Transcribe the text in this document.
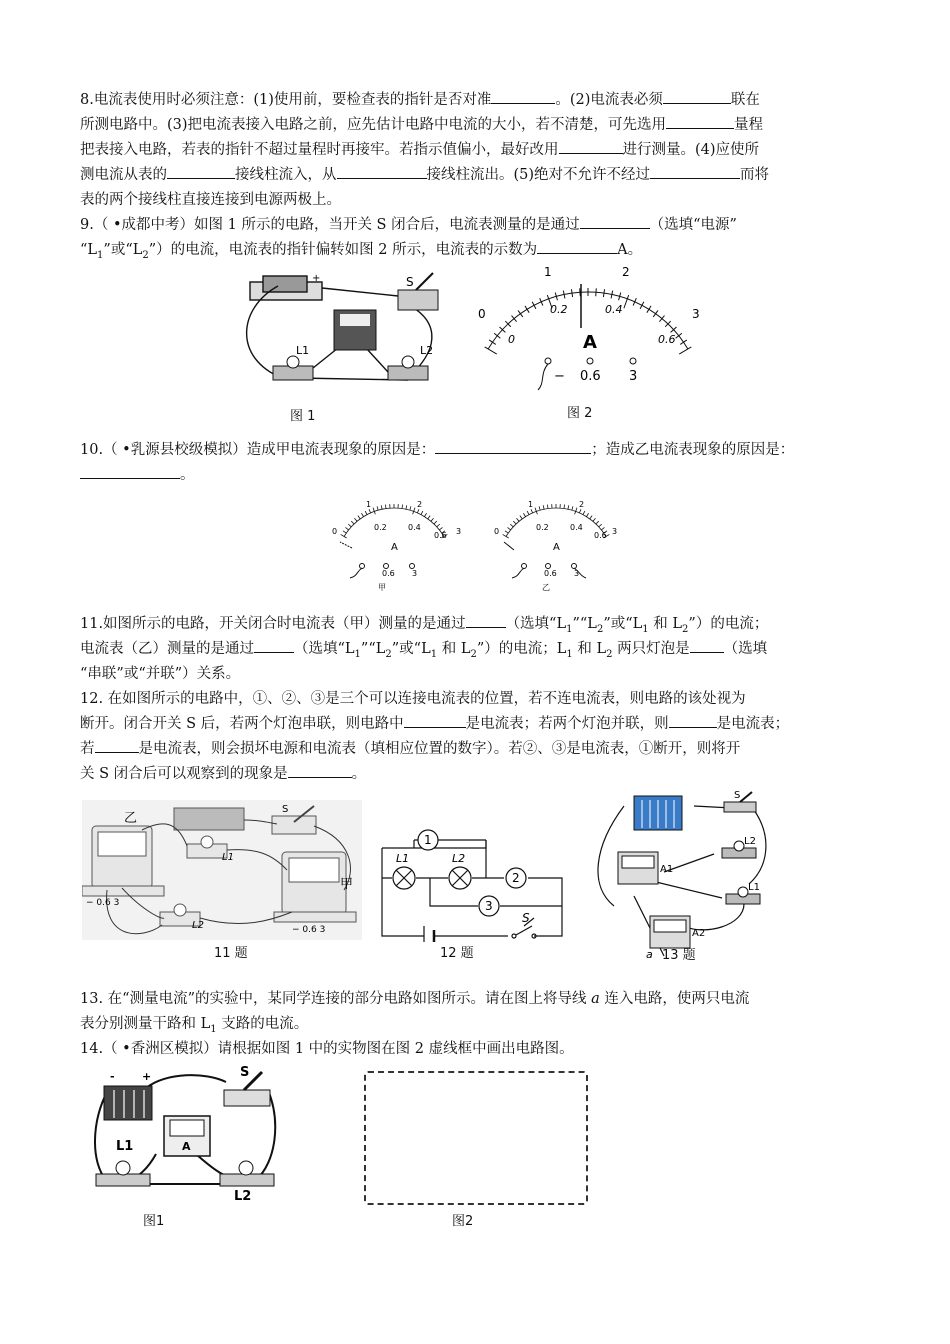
8.电流表使用时必须注意：(1)使用前，要检查表的指针是否对准	。(2)电流表必须	联在
所测电路中。(3)把电流表接入电路之前，应先估计电路中电流的大小，若不清楚，可先选用	量程
把表接入电路，若表的指针不超过量程时再接牢。若指示值偏小，最好改用	进行测量。(4)应使所
测电流从表的	接线柱流入，从	接线柱流出。(5)绝对不允许不经过	而将
表的两个接线柱直接连接到电源两极上。
9.（ •成都中考）如图 1 所示的电路，当开关 S 闭合后，电流表测量的是通过	（选填“电源”
“$L_1$”或“$L_2$”）的电流，电流表的指针偏转如图 2 所示，电流表的示数为	A。
S
+
L1	L2
图 1
0
1	2
3
0
0.2	0.4
0.6
A
− 0.6 3
图 2
10.（ •乳源县校级模拟）造成甲电流表现象的原因是：	；造成乙电流表现象的原因是：
。
0
1	2
3
0.2	0.4
0.6
A
0.6 3
甲
0
1	2
3
0.2	0.4
0.6
A
0.6 3
乙
11.如图所示的电路，开关闭合时电流表（甲）测量的是通过	（选填“$L_1”“L_2$”或“$L_1$ 和 $L_2$”）的电流；
电流表（乙）测量的是通过	（选填“$L_1”“L_2$”或“$L_1$ 和 $L_2$”）的电流；$L_1$ 和 $L_2$ 两只灯泡是 （选填
“串联”或“并联”）关系。
12. 在如图所示的电路中，①、②、③是三个可以连接电流表的位置，若不连电流表，则电路的该处视为
断开。闭合开关 S 后，若两个灯泡串联，则电路中	是电流表；若两个灯泡并联，则	是电流表；
若	是电流表，则会损坏电源和电流表（填相应位置的数字）。若②、③是电流表，①断开，则将开
关 S 闭合后可以观察到的现象是	。
乙
甲
L1
L2
S
− 0.6 3
− 0.6 3
11 题
1
2
3
L1	L2
S
12 题
S
L2
L1
A1
A2
a 13 题
13. 在“测量电流”的实验中，某同学连接的部分电路如图所示。请在图上将导线 a 连入电路，使两只电流
表分别测量干路和 $L_1$ 支路的电流。
14.（ •香洲区模拟）请根据如图 1 中的实物图在图 2 虚线框中画出电路图。
- +	S
A
L1
L2
图1	图2
